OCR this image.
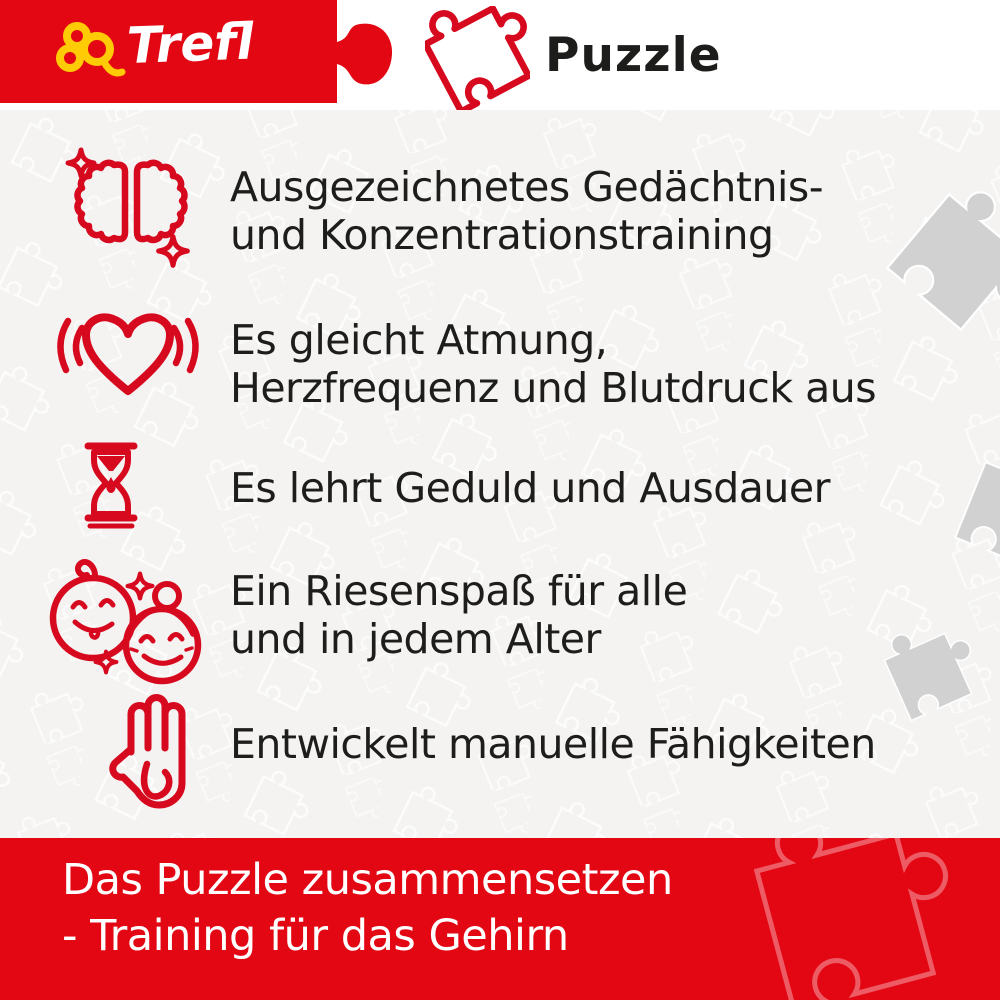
Trefl	Puzzle
Ausgezeichnetes Gedächtnis-
und Konzentrationstraining
Es gleicht Atmung,
Herzfrequenz und Blutdruck aus
Es lehrt Geduld und Ausdauer
Ein Riesenspaß für alle
und in jedem Alter
Entwickelt manuelle Fähigkeiten
Das Puzzle zusammensetzen
- Training für das Gehirn
